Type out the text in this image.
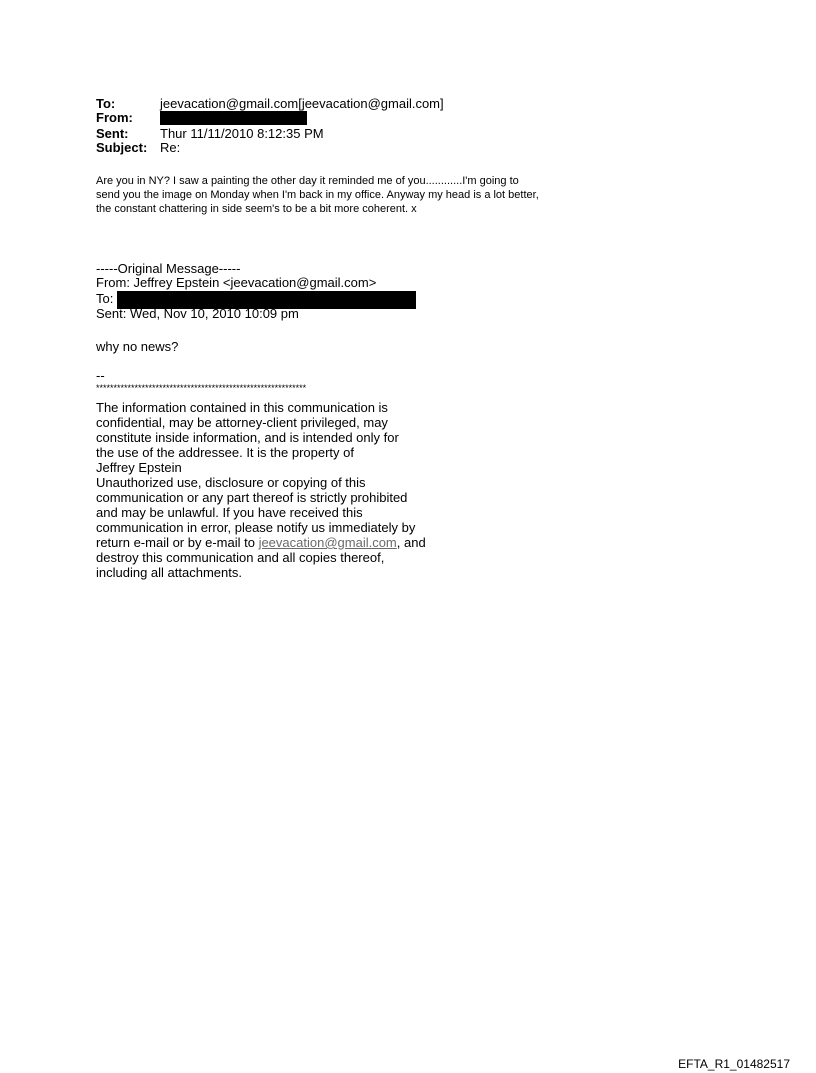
To:	jeevacation@gmail.com[jeevacation@gmail.com]
From:
Sent: Thur 11/11/2010 8:12:35 PM
Subject: Re:
Are you in NY? I saw a painting the other day it reminded me of you............I'm going to
send you the image on Monday when I'm back in my office. Anyway my head is a lot better,
the constant chattering in side seem's to be a bit more coherent. x
-----Original Message-----
From: Jeffrey Epstein <jeevacation@gmail.com>
To:
Sent: Wed, Nov 10, 2010 10:09 pm
why no news?
--
************************************************************
The information contained in this communication is
confidential, may be attorney-client privileged, may
constitute inside information, and is intended only for
the use of the addressee. It is the property of
Jeffrey Epstein
Unauthorized use, disclosure or copying of this
communication or any part thereof is strictly prohibited
and may be unlawful. If you have received this
communication in error, please notify us immediately by
return e-mail or by e-mail to jeevacation@gmail.com, and
destroy this communication and all copies thereof,
including all attachments.
EFTA_R1_01482517
